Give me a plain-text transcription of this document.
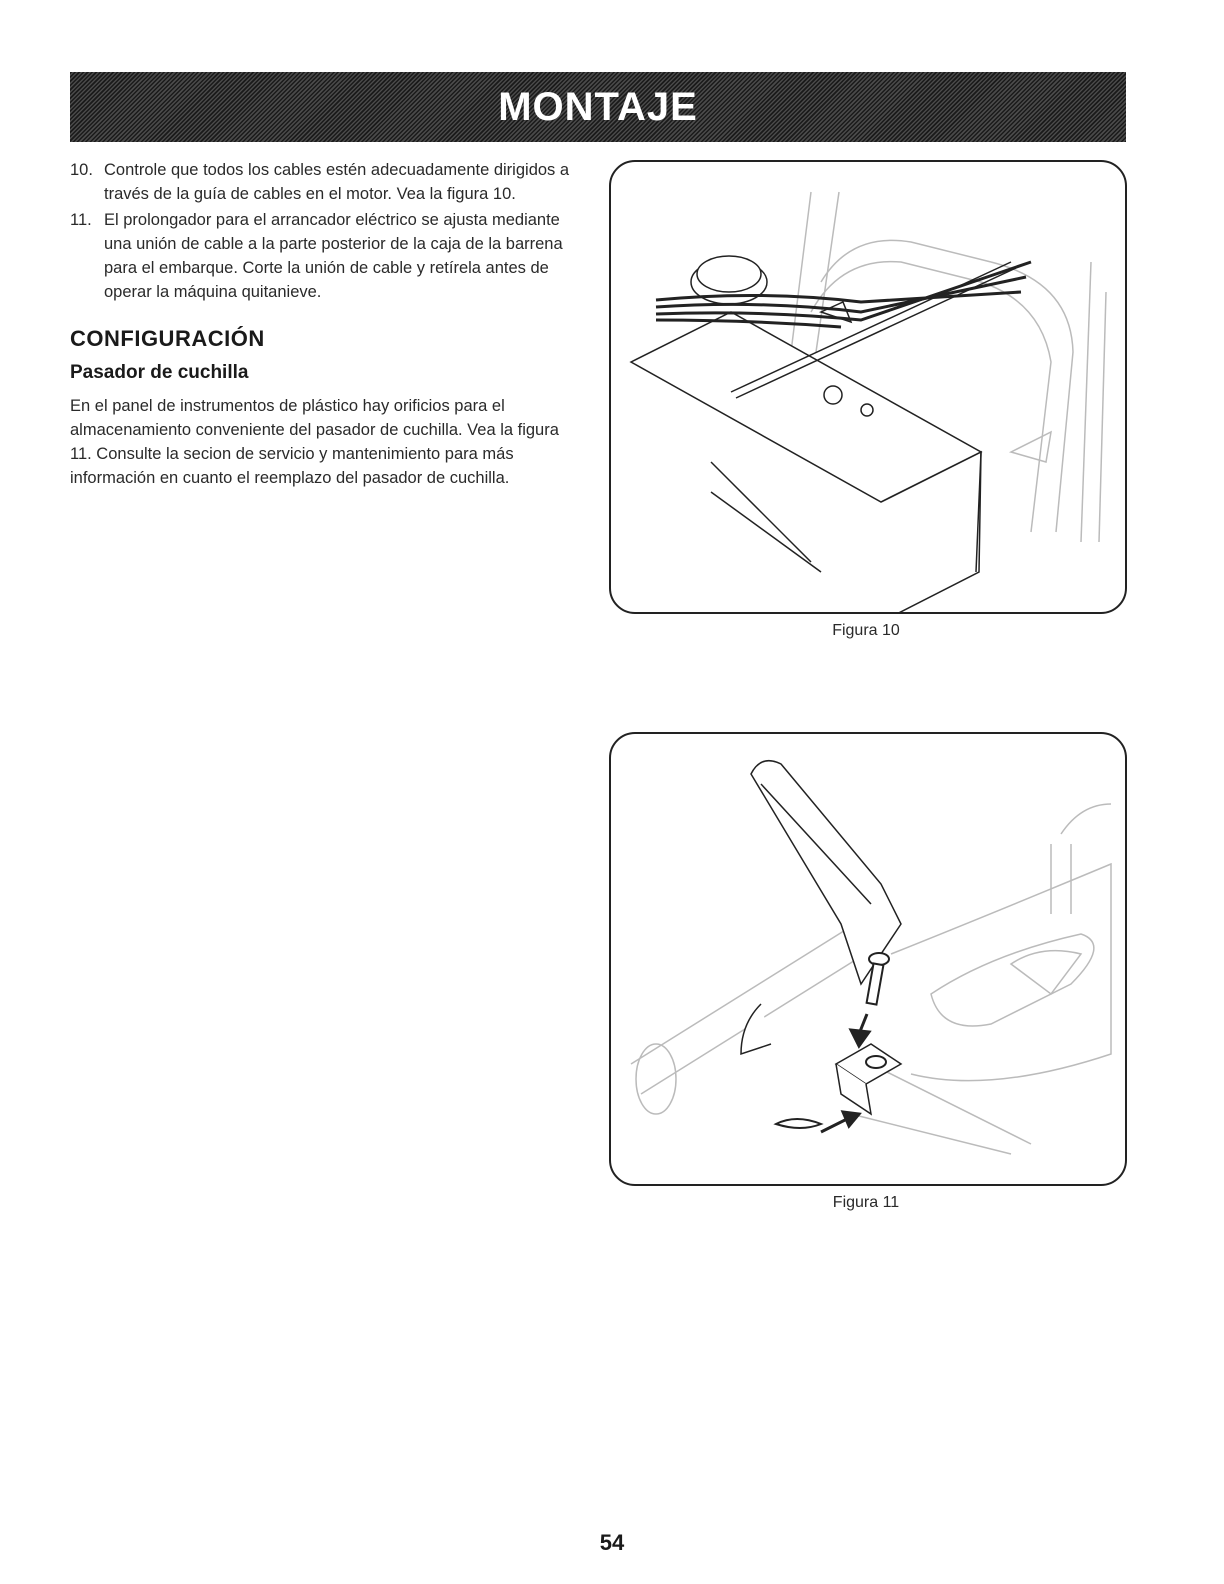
MONTAJE
10. Controle que todos los cables estén adecuadamente dirigidos a través de la guía de cables en el motor. Vea la figura 10.
11. El prolongador para el arrancador eléctrico se ajusta mediante una unión de cable a la parte posterior de la caja de la barrena para el embarque. Corte la unión de cable y retírela antes de operar la máquina quitanieve.
CONFIGURACIÓN
Pasador de cuchilla
En el panel de instrumentos de plástico hay orificios para el almacenamiento conveniente del pasador de cuchilla. Vea la figura 11. Consulte la secion de servicio y mantenimiento para más información en cuanto el reemplazo del pasador de cuchilla.
Figura 10
Figura 11
54
